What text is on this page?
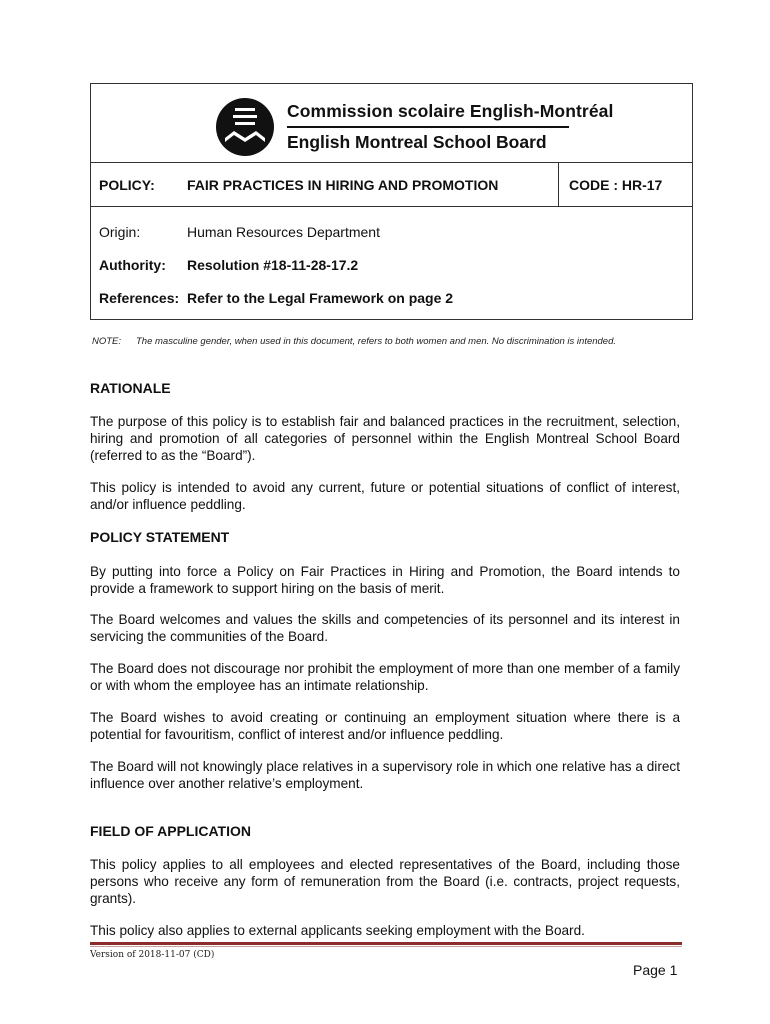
Commission scolaire English-Montréal
English Montreal School Board
POLICY: FAIR PRACTICES IN HIRING AND PROMOTION	CODE : HR-17
Origin:	Human Resources Department
Authority: Resolution #18-11-28-17.2
References: Refer to the Legal Framework on page 2
NOTE: The masculine gender, when used in this document, refers to both women and men. No discrimination is intended.
RATIONALE

The purpose of this policy is to establish fair and balanced practices in the recruitment, selection, hiring and promotion of all categories of personnel within the English Montreal School Board (referred to as the “Board”).

This policy is intended to avoid any current, future or potential situations of conflict of interest, and/or influence peddling.

POLICY STATEMENT

By putting into force a Policy on Fair Practices in Hiring and Promotion, the Board intends to provide a framework to support hiring on the basis of merit.

The Board welcomes and values the skills and competencies of its personnel and its interest in servicing the communities of the Board.

The Board does not discourage nor prohibit the employment of more than one member of a family or with whom the employee has an intimate relationship.

The Board wishes to avoid creating or continuing an employment situation where there is a potential for favouritism, conflict of interest and/or influence peddling.

The Board will not knowingly place relatives in a supervisory role in which one relative has a direct influence over another relative’s employment.

FIELD OF APPLICATION

This policy applies to all employees and elected representatives of the Board, including those persons who receive any form of remuneration from the Board (i.e. contracts, project requests, grants).

This policy also applies to external applicants seeking employment with the Board.

Version of 2018-11-07 (CD)
Page 1
